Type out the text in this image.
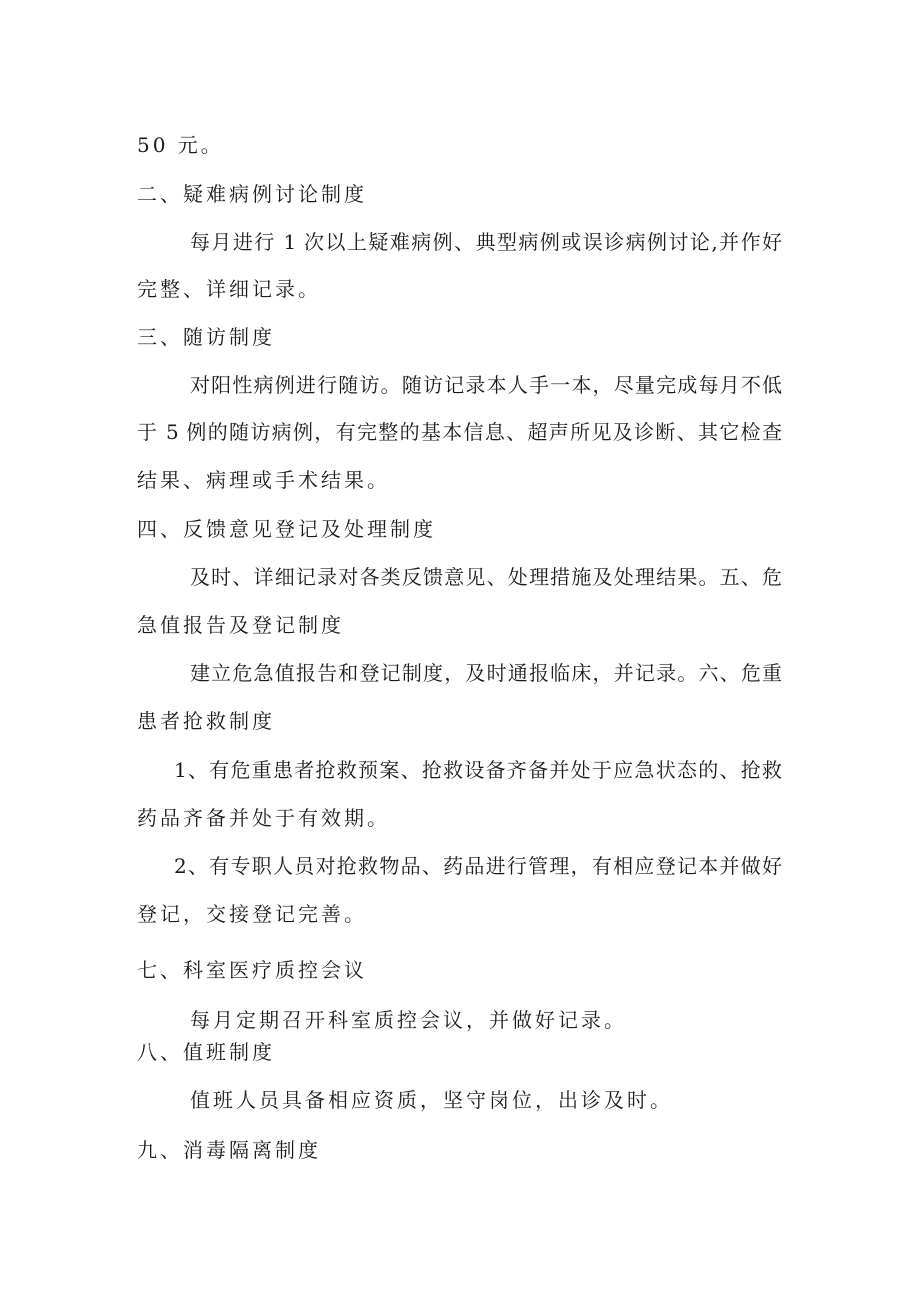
50 元。
二、疑难病例讨论制度
每月进行 1 次以上疑难病例、典型病例或误诊病例讨论,并作好
完整、详细记录。
三、随访制度
对阳性病例进行随访。随访记录本人手一本，尽量完成每月不低
于 5 例的随访病例，有完整的基本信息、超声所见及诊断、其它检查
结果、病理或手术结果。
四、反馈意见登记及处理制度
及时、详细记录对各类反馈意见、处理措施及处理结果。五、危
急值报告及登记制度
建立危急值报告和登记制度，及时通报临床，并记录。六、危重
患者抢救制度
1、有危重患者抢救预案、抢救设备齐备并处于应急状态的、抢救
药品齐备并处于有效期。
2、有专职人员对抢救物品、药品进行管理，有相应登记本并做好
登记，交接登记完善。
七、科室医疗质控会议
每月定期召开科室质控会议，并做好记录。
八、值班制度
值班人员具备相应资质，坚守岗位，出诊及时。
九、消毒隔离制度
